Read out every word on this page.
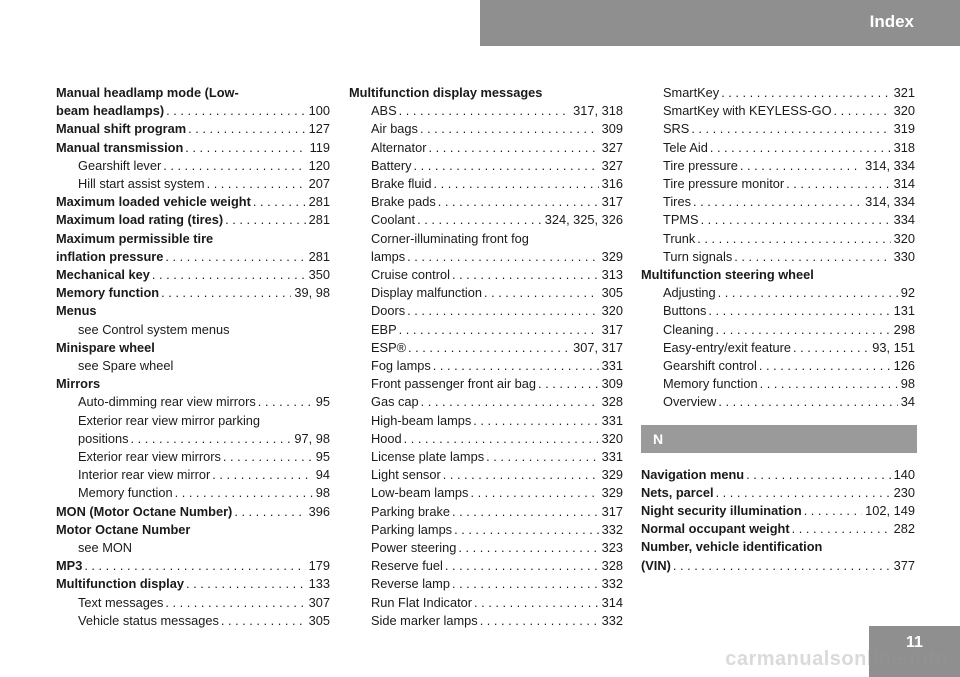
Index
Manual headlamp mode (Low-
beam headlamps) . . .	100
Manual shift program . . .	127
Manual transmission . . .	119
Gearshift lever . . .	120
Hill start assist system . . .	207
Maximum loaded vehicle weight . . .	281
Maximum load rating (tires) . . .	281
Maximum permissible tire
inflation pressure . . .	281
Mechanical key . . .	350
Memory function . . .	39, 98
Menus
see Control system menus
Minispare wheel
see Spare wheel
Mirrors
Auto-dimming rear view mirrors . . .	95
Exterior rear view mirror parking
positions . . .	97, 98
Exterior rear view mirrors . . .	95
Interior rear view mirror . . .	94
Memory function . . .	98
MON (Motor Octane Number) . . .	396
Motor Octane Number
see MON
MP3 . . .	179
Multifunction display . . .	133
Text messages . . .	307
Vehicle status messages . . .	305
Multifunction display messages
ABS . . .	317, 318
Air bags . . .	309
Alternator . . .	327
Battery . . .	327
Brake fluid . . .	316
Brake pads . . .	317
Coolant . . .	324, 325, 326
Corner-illuminating front fog
lamps . . .	329
Cruise control . . .	313
Display malfunction . . .	305
Doors . . .	320
EBP . . .	317
ESP® . . .	307, 317
Fog lamps . . .	331
Front passenger front air bag . . .	309
Gas cap . . .	328
High-beam lamps . . .	331
Hood . . .	320
License plate lamps . . .	331
Light sensor . . .	329
Low-beam lamps . . .	329
Parking brake . . .	317
Parking lamps . . .	332
Power steering . . .	323
Reserve fuel . . .	328
Reverse lamp . . .	332
Run Flat Indicator . . .	314
Side marker lamps . . .	332
SmartKey . . .	321
SmartKey with KEYLESS-GO . . .	320
SRS . . .	319
Tele Aid . . .	318
Tire pressure . . .	314, 334
Tire pressure monitor . . .	314
Tires . . .	314, 334
TPMS . . .	334
Trunk . . .	320
Turn signals . . .	330
Multifunction steering wheel
Adjusting . . .	92
Buttons . . .	131
Cleaning . . .	298
Easy-entry/exit feature . . .	93, 151
Gearshift control . . .	126
Memory function . . .	98
Overview . . .	34
N
Navigation menu . . .	140
Nets, parcel . . .	230
Night security illumination . . .	102, 149
Normal occupant weight . . .	282
Number, vehicle identification
(VIN) . . .	377
11
carmanualsonline.info
